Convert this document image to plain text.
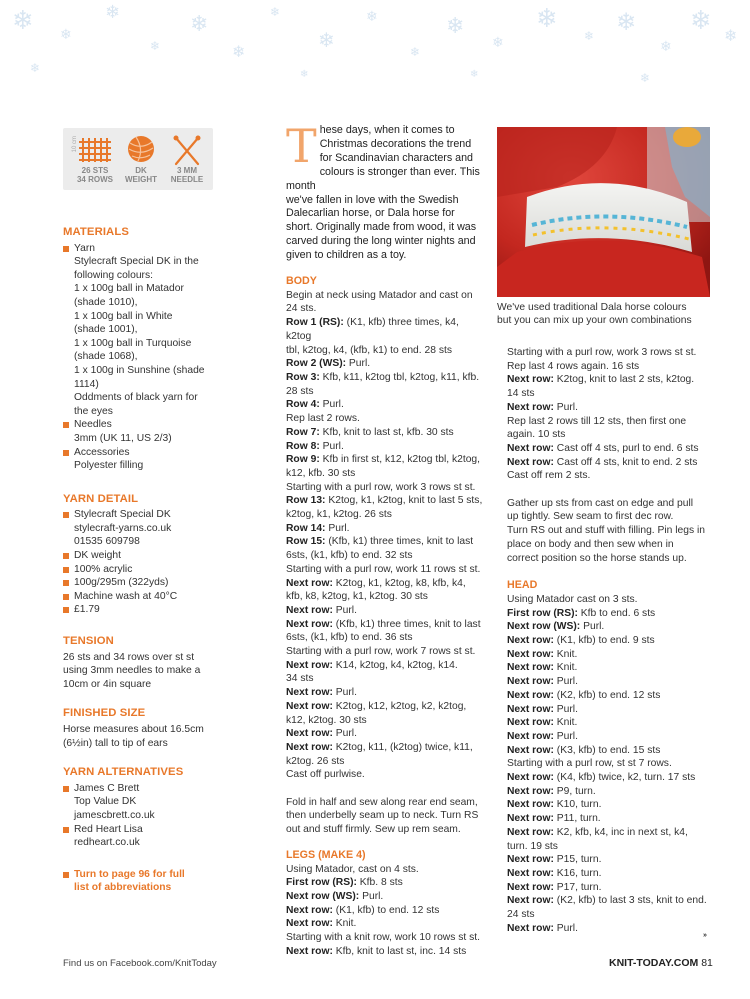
❄ ❄
❄
❄
❄
❄
❄
❄
❄
❄
❄
❄
❄
❄ ❄
❄
❄ ❄
❄	❄	❄
❄
10 cm
26 STS
34 ROWS
DK
WEIGHT
3 MM
NEEDLE
MATERIALS
Yarn
Stylecraft Special DK in the
following colours:
1 x 100g ball in Matador
(shade 1010),
1 x 100g ball in White
(shade 1001),
1 x 100g ball in Turquoise
(shade 1068),
1 x 100g in Sunshine (shade
1114)
Oddments of black yarn for
the eyes
Needles
3mm (UK 11, US 2/3)
Accessories
Polyester filling
YARN DETAIL
Stylecraft Special DK
stylecraft-yarns.co.uk
01535 609798
DK weight
100% acrylic
100g/295m (322yds)
Machine wash at 40°C
£1.79
TENSION
26 sts and 34 rows over st st
using 3mm needles to make a
10cm or 4in square
FINISHED SIZE
Horse measures about 16.5cm
(6½in) tall to tip of ears
YARN ALTERNATIVES
James C Brett
Top Value DK
jamescbrett.co.uk
Red Heart Lisa
redheart.co.uk
Turn to page 96 for full
list of abbreviations
T hese days, when it comes to
Christmas decorations the trend
for Scandinavian characters and
colours is stronger than ever. This month
we've fallen in love with the Swedish
Dalecarlian horse, or Dala horse for
short. Originally made from wood, it was
carved during the long winter nights and
given to children as a toy.
BODY
Begin at neck using Matador and cast on
24 sts.
Row 1 (RS): (K1, kfb) three times, k4, k2tog
tbl, k2tog, k4, (kfb, k1) to end. 28 sts
Row 2 (WS): Purl.
Row 3: Kfb, k11, k2tog tbl, k2tog, k11, kfb.
28 sts
Row 4: Purl.
Rep last 2 rows.
Row 7: Kfb, knit to last st, kfb. 30 sts
Row 8: Purl.
Row 9: Kfb in first st, k12, k2tog tbl, k2tog,
k12, kfb. 30 sts
Starting with a purl row, work 3 rows st st.
Row 13: K2tog, k1, k2tog, knit to last 5 sts,
k2tog, k1, k2tog. 26 sts
Row 14: Purl.
Row 15: (Kfb, k1) three times, knit to last
6sts, (k1, kfb) to end. 32 sts
Starting with a purl row, work 11 rows st st.
Next row: K2tog, k1, k2tog, k8, kfb, k4,
kfb, k8, k2tog, k1, k2tog. 30 sts
Next row: Purl.
Next row: (Kfb, k1) three times, knit to last
6sts, (k1, kfb) to end. 36 sts
Starting with a purl row, work 7 rows st st.
Next row: K14, k2tog, k4, k2tog, k14.
34 sts
Next row: Purl.
Next row: K2tog, k12, k2tog, k2, k2tog,
k12, k2tog. 30 sts
Next row: Purl.
Next row: K2tog, k11, (k2tog) twice, k11,
k2tog. 26 sts
Cast off purlwise.
Fold in half and sew along rear end seam,
then underbelly seam up to neck. Turn RS
out and stuff firmly. Sew up rem seam.
LEGS (MAKE 4)
Using Matador, cast on 4 sts.
First row (RS): Kfb. 8 sts
Next row (WS): Purl.
Next row: (K1, kfb) to end. 12 sts
Next row: Knit.
Starting with a knit row, work 10 rows st st.
Next row: Kfb, knit to last st, inc. 14 sts
We've used traditional Dala horse colours
but you can mix up your own combinations
Starting with a purl row, work 3 rows st st.
Rep last 4 rows again. 16 sts
Next row: K2tog, knit to last 2 sts, k2tog.
14 sts
Next row: Purl.
Rep last 2 rows till 12 sts, then first one
again. 10 sts
Next row: Cast off 4 sts, purl to end. 6 sts
Next row: Cast off 4 sts, knit to end. 2 sts
Cast off rem 2 sts.
Gather up sts from cast on edge and pull
up tightly. Sew seam to first dec row.
Turn RS out and stuff with filling. Pin legs in
place on body and then sew when in
correct position so the horse stands up.
HEAD
Using Matador cast on 3 sts.
First row (RS): Kfb to end. 6 sts
Next row (WS): Purl.
Next row: (K1, kfb) to end. 9 sts
Next row: Knit.
Next row: Knit.
Next row: Purl.
Next row: (K2, kfb) to end. 12 sts
Next row: Purl.
Next row: Knit.
Next row: Purl.
Next row: (K3, kfb) to end. 15 sts
Starting with a purl row, st st 7 rows.
Next row: (K4, kfb) twice, k2, turn. 17 sts
Next row: P9, turn.
Next row: K10, turn.
Next row: P11, turn.
Next row: K2, kfb, k4, inc in next st, k4,
turn. 19 sts
Next row: P15, turn.
Next row: K16, turn.
Next row: P17, turn.
Next row: (K2, kfb) to last 3 sts, knit to end.
24 sts
Next row: Purl.
»
Find us on Facebook.com/KnitToday	KNIT-TODAY.COM 81
